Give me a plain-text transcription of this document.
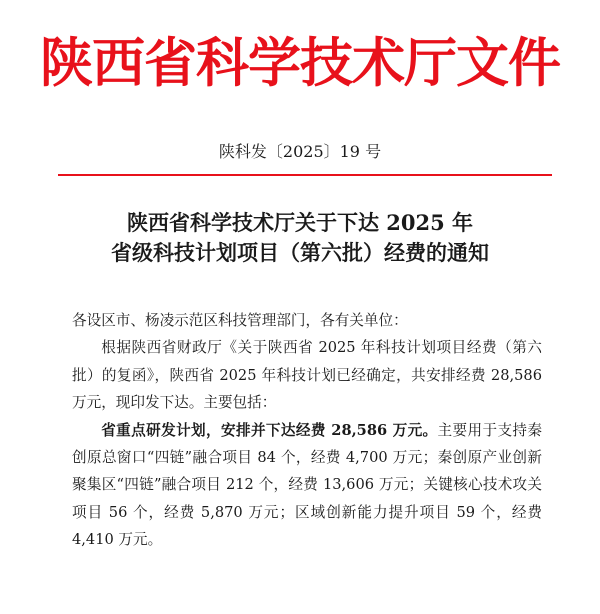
陕西省科学技术厅文件
陕科发〔2025〕19 号
陕西省科学技术厅关于下达 2025 年
省级科技计划项目（第六批）经费的通知

各设区市、杨凌示范区科技管理部门，各有关单位：

根据陕西省财政厅《关于陕西省 2025 年科技计划项目经费（第六批）的复函》，陕西省 2025 年科技计划已经确定，共安排经费 28,586 万元，现印发下达。主要包括：

省重点研发计划，安排并下达经费 28,586 万元。主要用于支持秦创原总窗口“四链”融合项目 84 个，经费 4,700 万元；秦创原产业创新聚集区“四链”融合项目 212 个，经费 13,606 万元；关键核心技术攻关项目 56 个，经费 5,870 万元；区域创新能力提升项目 59 个，经费 4,410 万元。
